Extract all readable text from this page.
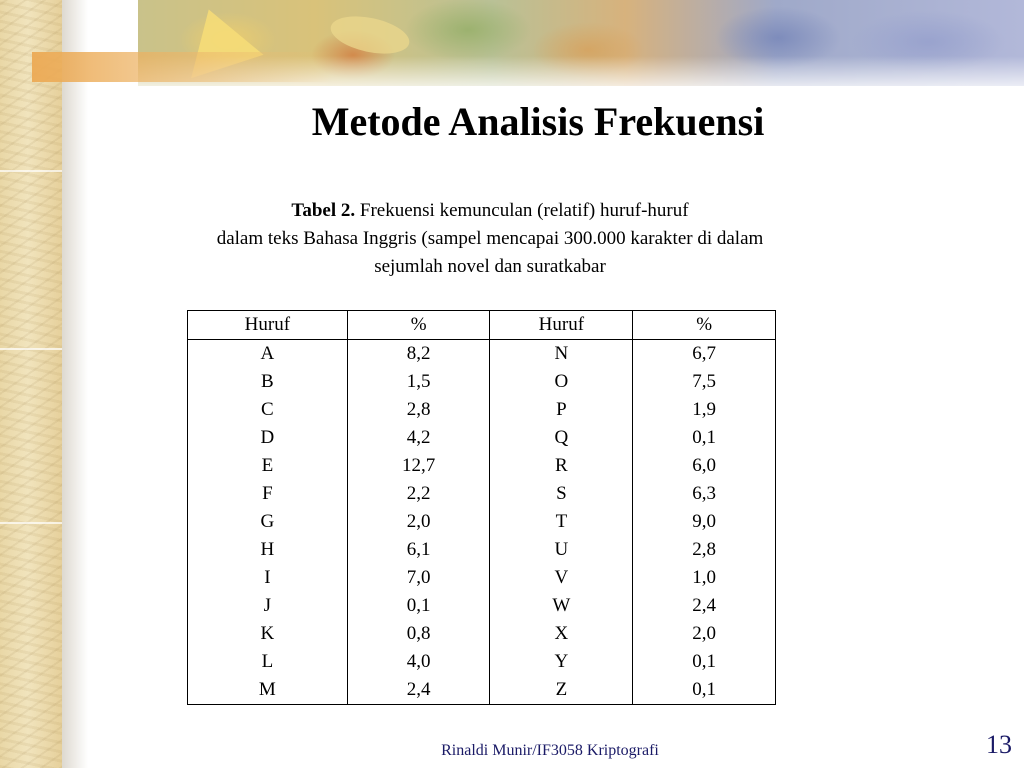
Metode Analisis Frekuensi
Tabel 2. Frekuensi kemunculan (relatif) huruf-huruf
dalam teks Bahasa Inggris (sampel mencapai 300.000 karakter di dalam
sejumlah novel dan suratkabar
Huruf	%	Huruf	%
A	8,2	N	6,7
B	1,5	O	7,5
C	2,8	P	1,9
D	4,2	Q	0,1
E	12,7	R	6,0
F	2,2	S	6,3
G	2,0	T	9,0
H	6,1	U	2,8
I	7,0	V	1,0
J	0,1	W	2,4
K	0,8	X	2,0
L	4,0	Y	0,1
M	2,4	Z	0,1
Rinaldi Munir/IF3058 Kriptografi	13
